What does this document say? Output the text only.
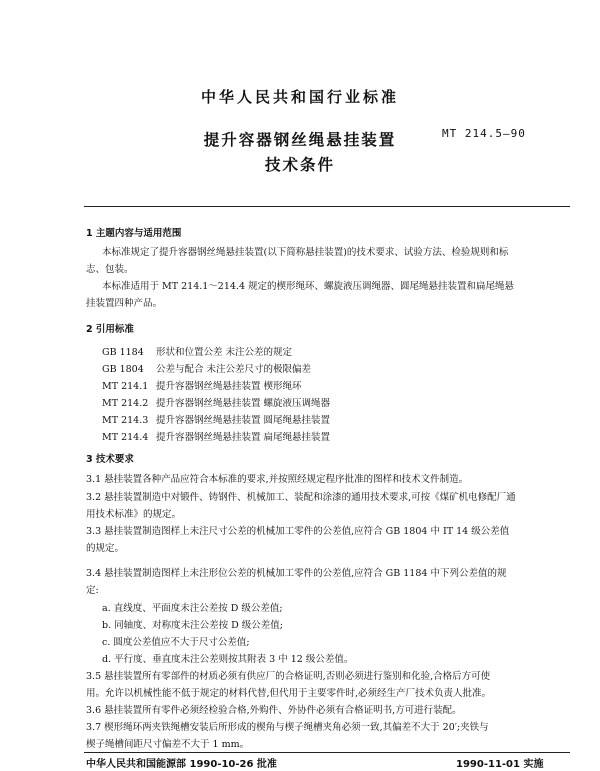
中华人民共和国行业标准
MT 214.5—90
提升容器钢丝绳悬挂装置
技术条件
1 主题内容与适用范围
本标准规定了提升容器钢丝绳悬挂装置(以下简称悬挂装置)的技术要求、试验方法、检验规则和标
志、包装。
本标准适用于 MT 214.1～214.4 规定的楔形绳环、螺旋液压调绳器、圆尾绳悬挂装置和扁尾绳悬
挂装置四种产品。
2 引用标准
GB 1184 形状和位置公差 未注公差的规定
GB 1804 公差与配合 未注公差尺寸的极限偏差
MT 214.1 提升容器钢丝绳悬挂装置 楔形绳环
MT 214.2 提升容器钢丝绳悬挂装置 螺旋液压调绳器
MT 214.3 提升容器钢丝绳悬挂装置 圆尾绳悬挂装置
MT 214.4 提升容器钢丝绳悬挂装置 扁尾绳悬挂装置
3 技术要求
3.1 悬挂装置各种产品应符合本标准的要求,并按照经规定程序批准的图样和技术文件制造。
3.2 悬挂装置制造中对锻件、铸钢件、机械加工、装配和涂漆的通用技术要求,可按《煤矿机电修配厂通
用技术标准》的规定。
3.3 悬挂装置制造图样上未注尺寸公差的机械加工零件的公差值,应符合 GB 1804 中 IT 14 级公差值
的规定。
3.4 悬挂装置制造图样上未注形位公差的机械加工零件的公差值,应符合 GB 1184 中下列公差值的规
定:
a. 直线度、平面度未注公差按 D 级公差值;
b. 同轴度、对称度未注公差按 D 级公差值;
c. 圆度公差值应不大于尺寸公差值;
d. 平行度、垂直度未注公差则按其附表 3 中 12 级公差值。
3.5 悬挂装置所有零部件的材质必须有供应厂的合格证明,否则必须进行鉴别和化验,合格后方可使
用。允许以机械性能不低于规定的材料代替,但代用于主要零件时,必须经生产厂技术负责人批准。
3.6 悬挂装置所有零件必须经检验合格,外购件、外协件必须有合格证明书,方可进行装配。
3.7 楔形绳环两夹铁绳槽安装后所形成的楔角与楔子绳槽夹角必须一致,其偏差不大于 20′;夹铁与
楔子绳槽间距尺寸偏差不大于 1 mm。
中华人民共和国能源部 1990-10-26 批准	1990-11-01 实施
